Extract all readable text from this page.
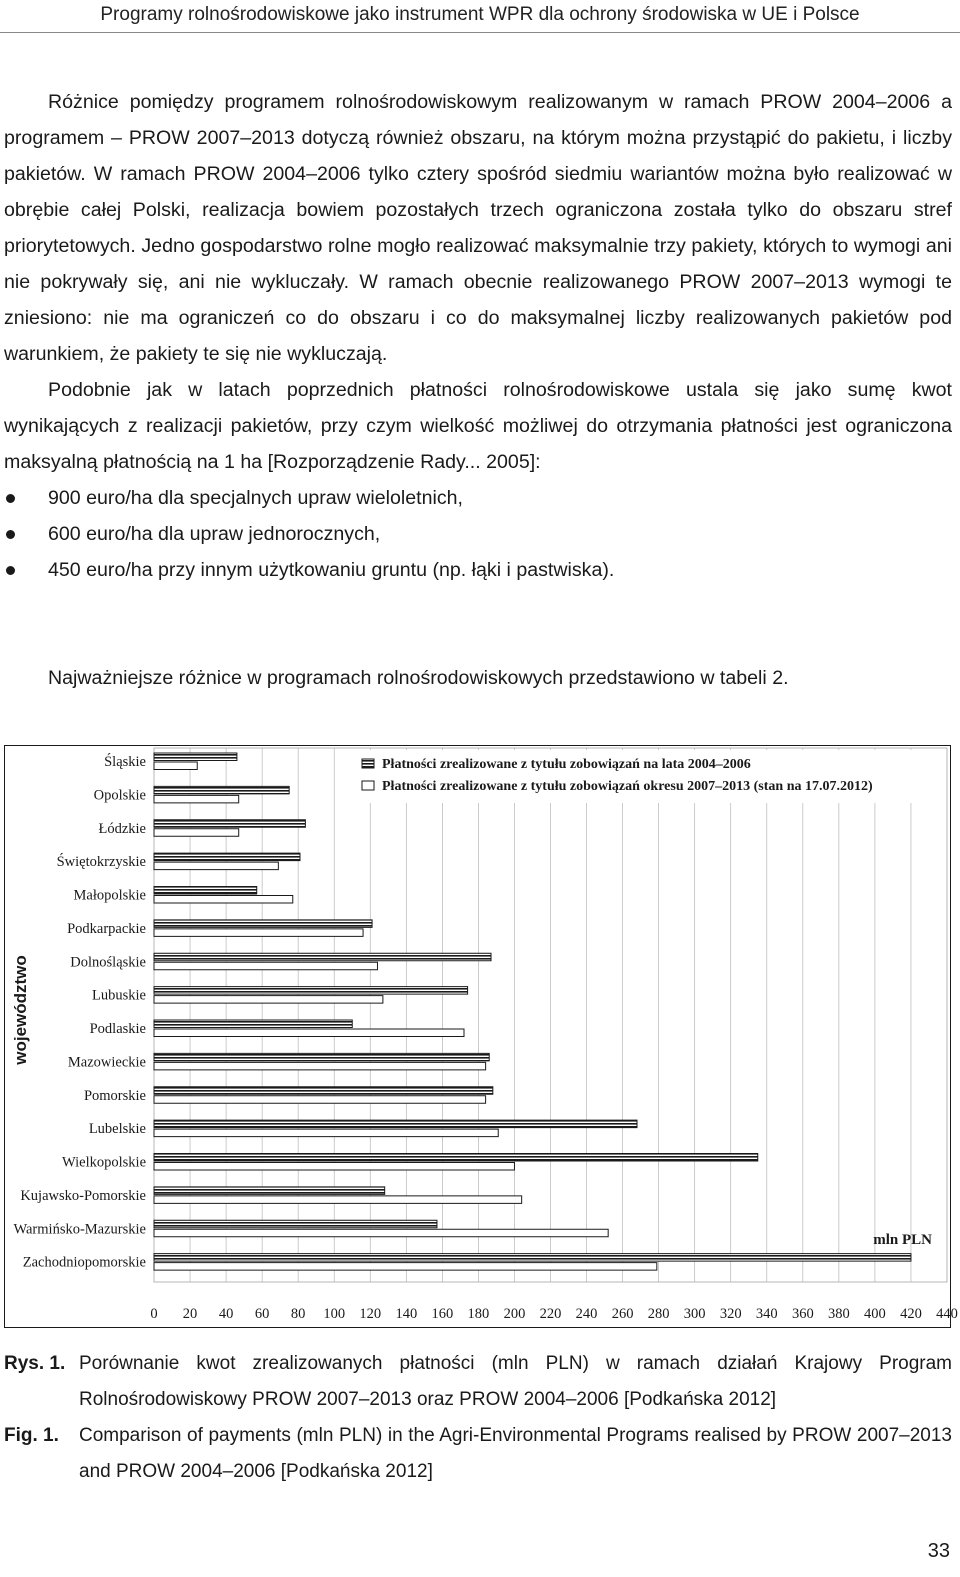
Programy rolnośrodowiskowe jako instrument WPR dla ochrony środowiska w UE i Polsce

Różnice pomiędzy programem rolnośrodowiskowym realizowanym w ramach PROW 2004–2006 a programem – PROW 2007–2013 dotyczą również obszaru, na którym można przystąpić do pakietu, i liczby pakietów. W ramach PROW 2004–2006 tylko cztery spośród siedmiu wariantów można było realizować w obrębie całej Polski, realizacja bowiem pozostałych trzech ograniczona została tylko do obszaru stref priorytetowych. Jedno gospodarstwo rolne mogło realizować maksymalnie trzy pakiety, których to wymogi ani nie pokrywały się, ani nie wykluczały. W ramach obecnie realizowanego PROW 2007–2013 wymogi te zniesiono: nie ma ograniczeń co do obszaru i co do maksymalnej liczby realizowanych pakietów pod warunkiem, że pakiety te się nie wykluczają.

Podobnie jak w latach poprzednich płatności rolnośrodowiskowe ustala się jako sumę kwot wynikających z realizacji pakietów, przy czym wielkość możliwej do otrzymania płatności jest ograniczona maksyalną płatnością na 1 ha [Rozporządzenie Rady... 2005]:

900 euro/ha dla specjalnych upraw wieloletnich,
600 euro/ha dla upraw jednorocznych,
450 euro/ha przy innym użytkowaniu gruntu (np. łąki i pastwiska).
Najważniejsze różnice w programach rolnośrodowiskowych przedstawiono w tabeli 2.
0 20 40 60 80 100 120 140 160 180 200 220 240 260 280 300 320 340 360 380 400 420 440
Śląskie
Opolskie
Łódzkie
Świętokrzyskie
Małopolskie
Podkarpackie
Dolnośląskie
Lubuskie
Podlaskie
Mazowieckie
Pomorskie
Lubelskie
Wielkopolskie
Kujawsko-Pomorskie
Warmińsko-Mazurskie
Zachodniopomorskie
Płatności zrealizowane z tytułu zobowiązań na lata 2004–2006
Płatności zrealizowane z tytułu zobowiązań okresu 2007–2013 (stan na 17.07.2012)
mln PLN
województwo
Rys. 1. Porównanie kwot zrealizowanych płatności (mln PLN) w ramach działań Krajowy Program Rolnośrodowiskowy PROW 2007–2013 oraz PROW 2004–2006 [Podkańska 2012]
Fig. 1. Comparison of payments (mln PLN) in the Agri-Environmental Programs realised by PROW 2007–2013 and PROW 2004–2006 [Podkańska 2012]
33
